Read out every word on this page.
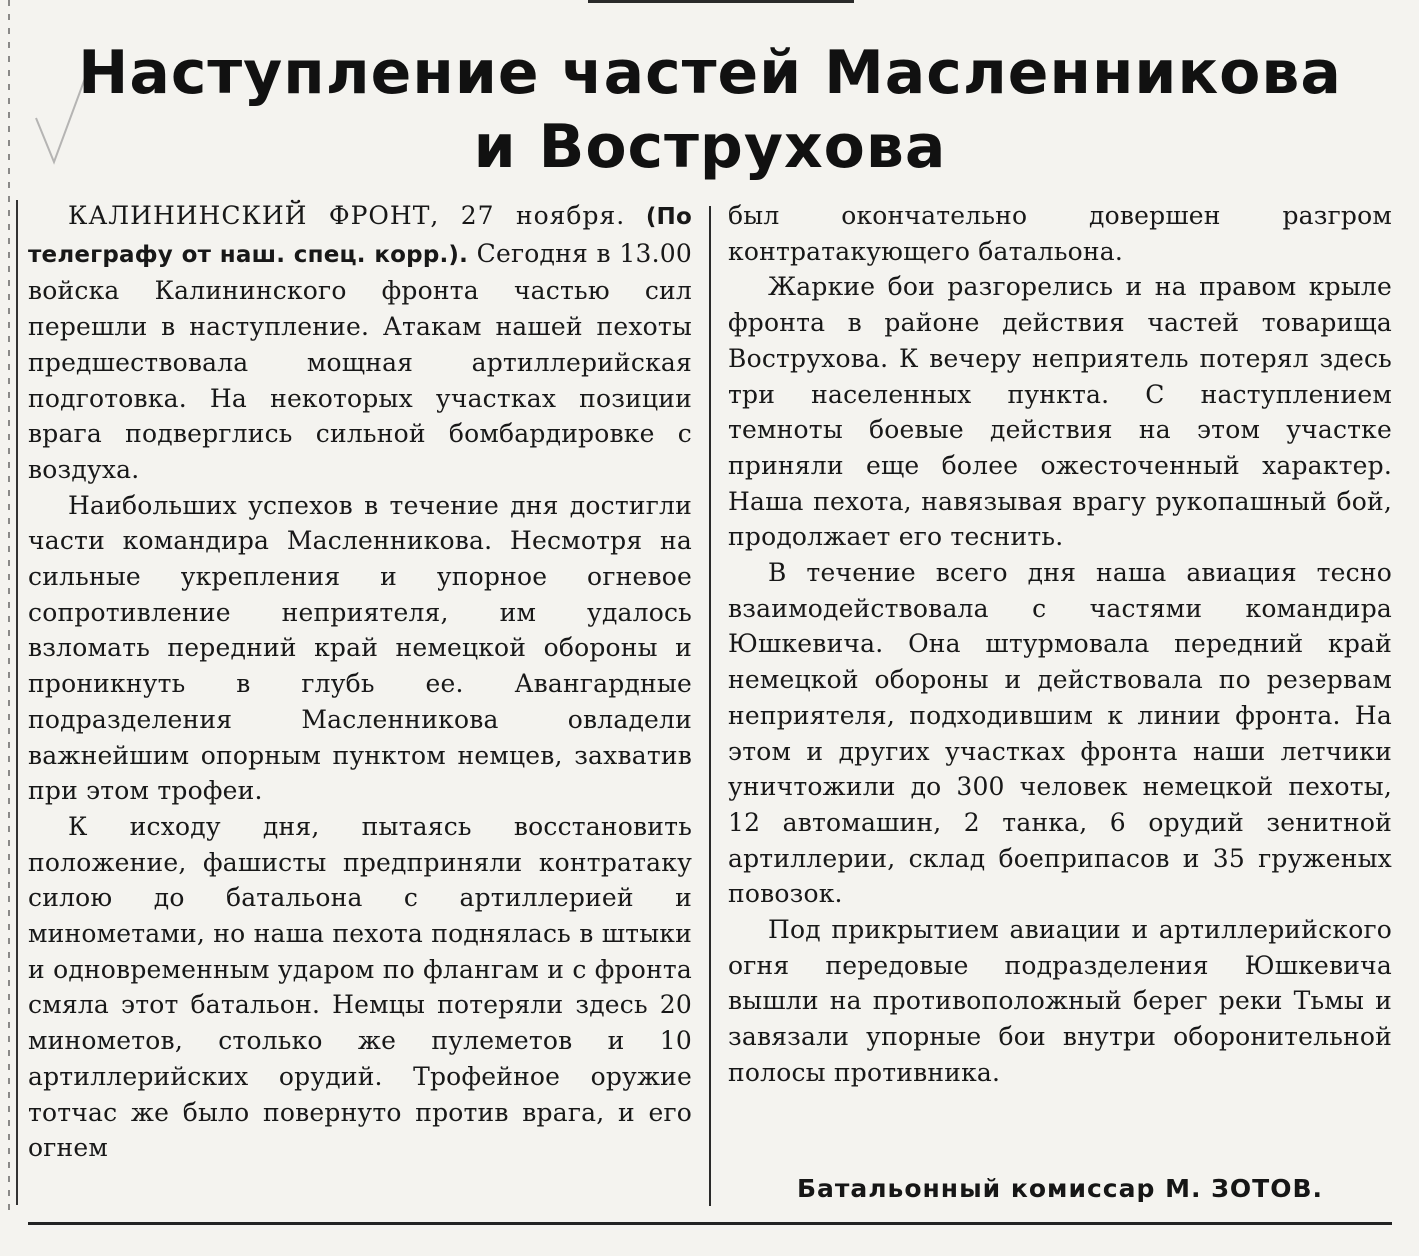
Наступление частей Масленникова
и Вострухова

КАЛИНИНСКИЙ ФРОНТ, 27 ноября. (По телеграфу от наш. спец. корр.). Сегодня в 13.00 войска Калининского фронта частью сил перешли в наступление. Атакам нашей пехоты предшествовала мощная артиллерийская подготовка. На некоторых участках позиции врага подверглись сильной бомбардировке с воздуха.

Наибольших успехов в течение дня достигли части командира Масленникова. Несмотря на сильные укрепления и упорное огневое сопротивление неприятеля, им удалось взломать передний край немецкой обороны и проникнуть в глубь ее. Авангардные подразделения Масленникова овладели важнейшим опорным пунктом немцев, захватив при этом трофеи.

К исходу дня, пытаясь восстановить положение, фашисты предприняли контратаку силою до батальона с артиллерией и минометами, но наша пехота поднялась в штыки и одновременным ударом по флангам и с фронта смяла этот батальон. Немцы потеряли здесь 20 минометов, столько же пулеметов и 10 артиллерийских орудий. Трофейное оружие тотчас же было повернуто против врага, и его огнем

был окончательно довершен разгром контратакующего батальона.

Жаркие бои разгорелись и на правом крыле фронта в районе действия частей товарища Вострухова. К вечеру неприятель потерял здесь три населенных пункта. С наступлением темноты боевые действия на этом участке приняли еще более ожесточенный характер. Наша пехота, навязывая врагу рукопашный бой, продолжает его теснить.

В течение всего дня наша авиация тесно взаимодействовала с частями командира Юшкевича. Она штурмовала передний край немецкой обороны и действовала по резервам неприятеля, подходившим к линии фронта. На этом и других участках фронта наши летчики уничтожили до 300 человек немецкой пехоты, 12 автомашин, 2 танка, 6 орудий зенитной артиллерии, склад боеприпасов и 35 груженых повозок.

Под прикрытием авиации и артиллерийского огня передовые подразделения Юшкевича вышли на противоположный берег реки Тьмы и завязали упорные бои внутри оборонительной полосы противника.

Батальонный комиссар М. ЗОТОВ.
